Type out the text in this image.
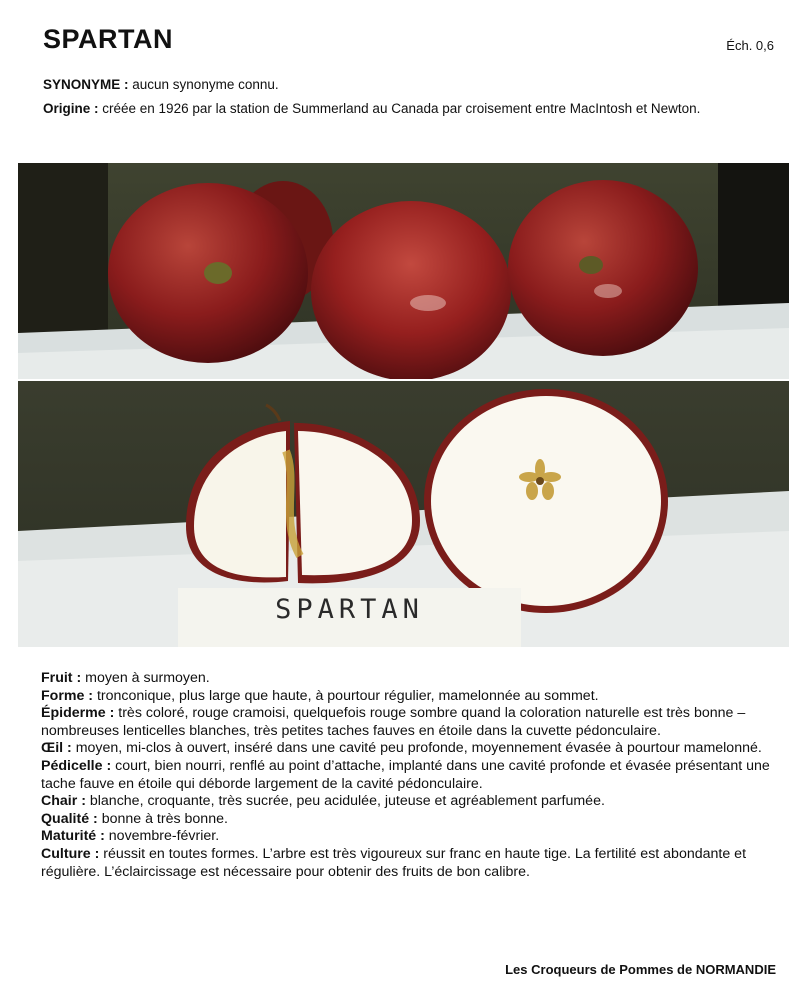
SPARTAN	Éch. 0,6

SYNONYME : aucun synonyme connu.

Origine : créée en 1926 par la station de Summerland au Canada par croisement entre MacIntosh et Newton.

SPARTAN

Fruit : moyen à surmoyen.

Forme : tronconique, plus large que haute, à pourtour régulier, mamelonnée au sommet.

Épiderme : très coloré, rouge cramoisi, quelquefois rouge sombre quand la coloration naturelle est très bonne – nombreuses lenticelles blanches, très petites taches fauves en étoile dans la cuvette pédonculaire.

Œil : moyen, mi-clos à ouvert, inséré dans une cavité peu profonde, moyennement évasée à pourtour mamelonné.

Pédicelle : court, bien nourri, renflé au point d’attache, implanté dans une cavité profonde et évasée présentant une tache fauve en étoile qui déborde largement de la cavité pédonculaire.

Chair : blanche, croquante, très sucrée, peu acidulée, juteuse et agréablement parfumée.

Qualité : bonne à très bonne.

Maturité : novembre-février.

Culture : réussit en toutes formes. L’arbre est très vigoureux sur franc en haute tige. La fertilité est abondante et régulière. L’éclaircissage est nécessaire pour obtenir des fruits de bon calibre.

Les Croqueurs de Pommes de NORMANDIE
